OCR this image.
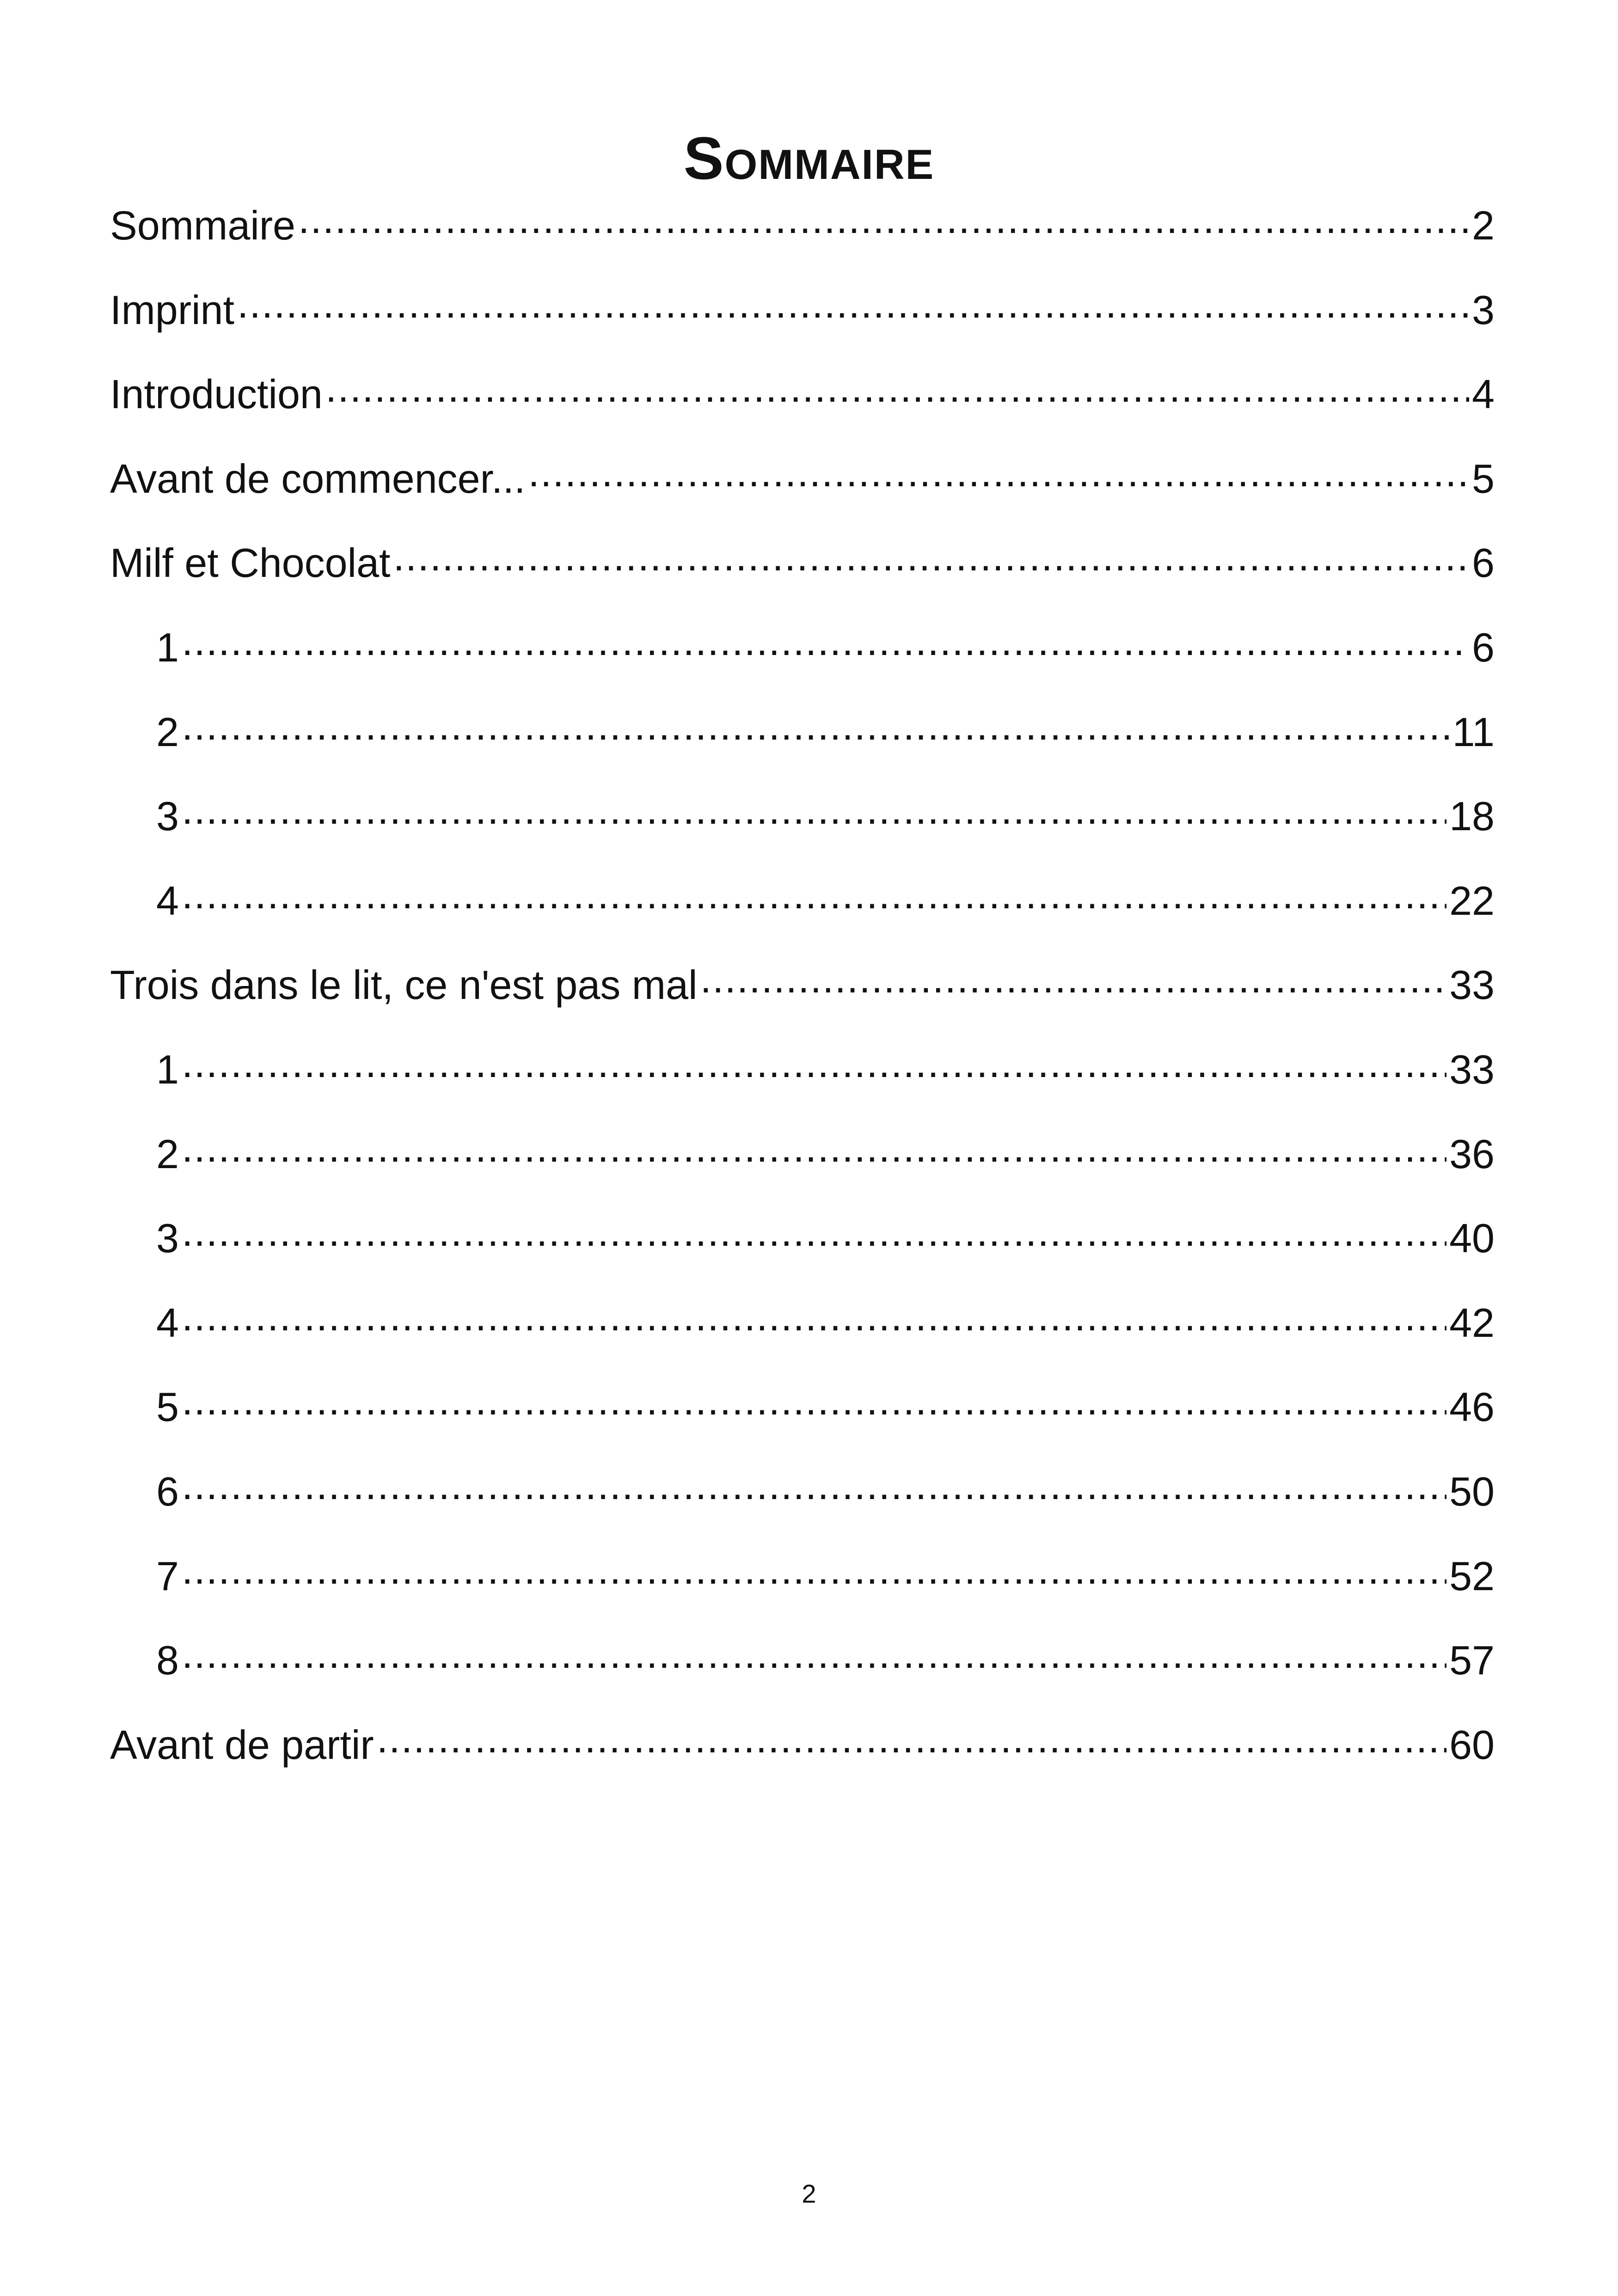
Sommaire
Sommaire .....	2
Imprint .....	3
Introduction .....	4
Avant de commencer... .....	5
Milf et Chocolat .....	6
1 .....	6
2 .....	11
3 .....	18
4 .....	22
Trois dans le lit, ce n'est pas mal .....	33
1 .....	33
2 .....	36
3 .....	40
4 .....	42
5 .....	46
6 .....	50
7 .....	52
8 .....	57
Avant de partir .....	60
2
